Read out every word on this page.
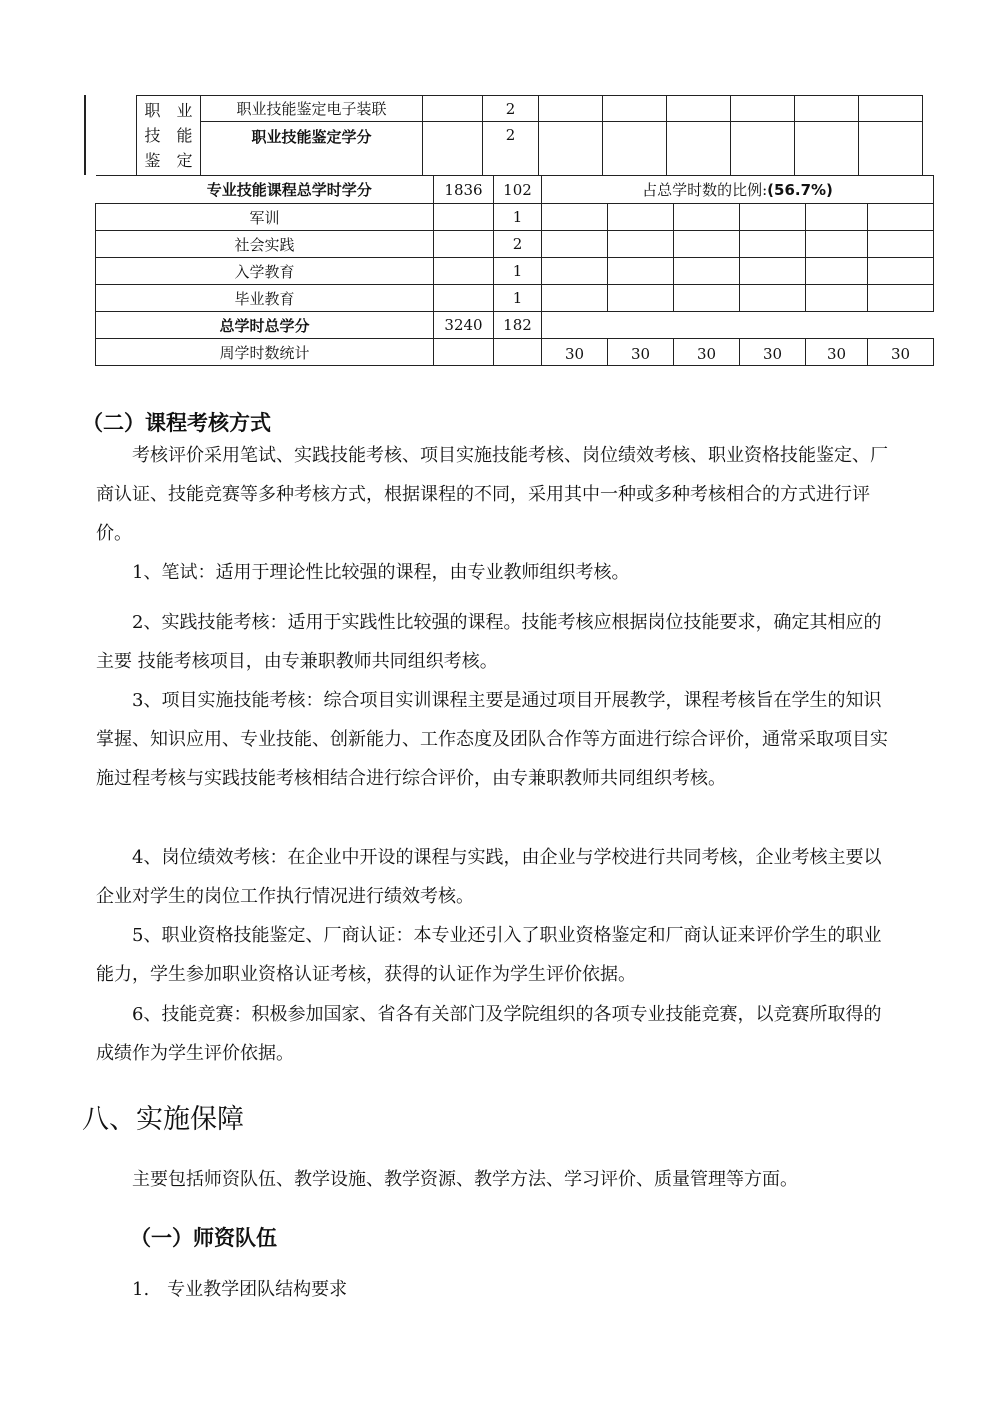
职　业
技　能
鉴　定	职业技能鉴定电子装联		2						
	职业技能鉴定学分		2						
专业技能课程总学时学分	1836	102	占总学时数的比例:(56.7%)					
军训		1						
社会实践		2						
入学教育		1						
毕业教育		1						
总学时总学分	3240	182						
周学时数统计			30	30	30	30	30	30
（二）课程考核方式

考核评价采用笔试、实践技能考核、项目实施技能考核、岗位绩效考核、职业资格技能鉴定、厂商认证、技能竞赛等多种考核方式，根据课程的不同，采用其中一种或多种考核相合的方式进行评价。

1、笔试：适用于理论性比较强的课程，由专业教师组织考核。

2、实践技能考核：适用于实践性比较强的课程。技能考核应根据岗位技能要求，确定其相应的主要 技能考核项目，由专兼职教师共同组织考核。

3、项目实施技能考核：综合项目实训课程主要是通过项目开展教学，课程考核旨在学生的知识掌握、知识应用、专业技能、创新能力、工作态度及团队合作等方面进行综合评价，通常采取项目实施过程考核与实践技能考核相结合进行综合评价，由专兼职教师共同组织考核。

4、岗位绩效考核：在企业中开设的课程与实践，由企业与学校进行共同考核，企业考核主要以企业对学生的岗位工作执行情况进行绩效考核。

5、职业资格技能鉴定、厂商认证：本专业还引入了职业资格鉴定和厂商认证来评价学生的职业能力，学生参加职业资格认证考核，获得的认证作为学生评价依据。

6、技能竞赛：积极参加国家、省各有关部门及学院组织的各项专业技能竞赛，以竞赛所取得的成绩作为学生评价依据。

八、实施保障

主要包括师资队伍、教学设施、教学资源、教学方法、学习评价、质量管理等方面。

（一）师资队伍

1.　专业教学团队结构要求
